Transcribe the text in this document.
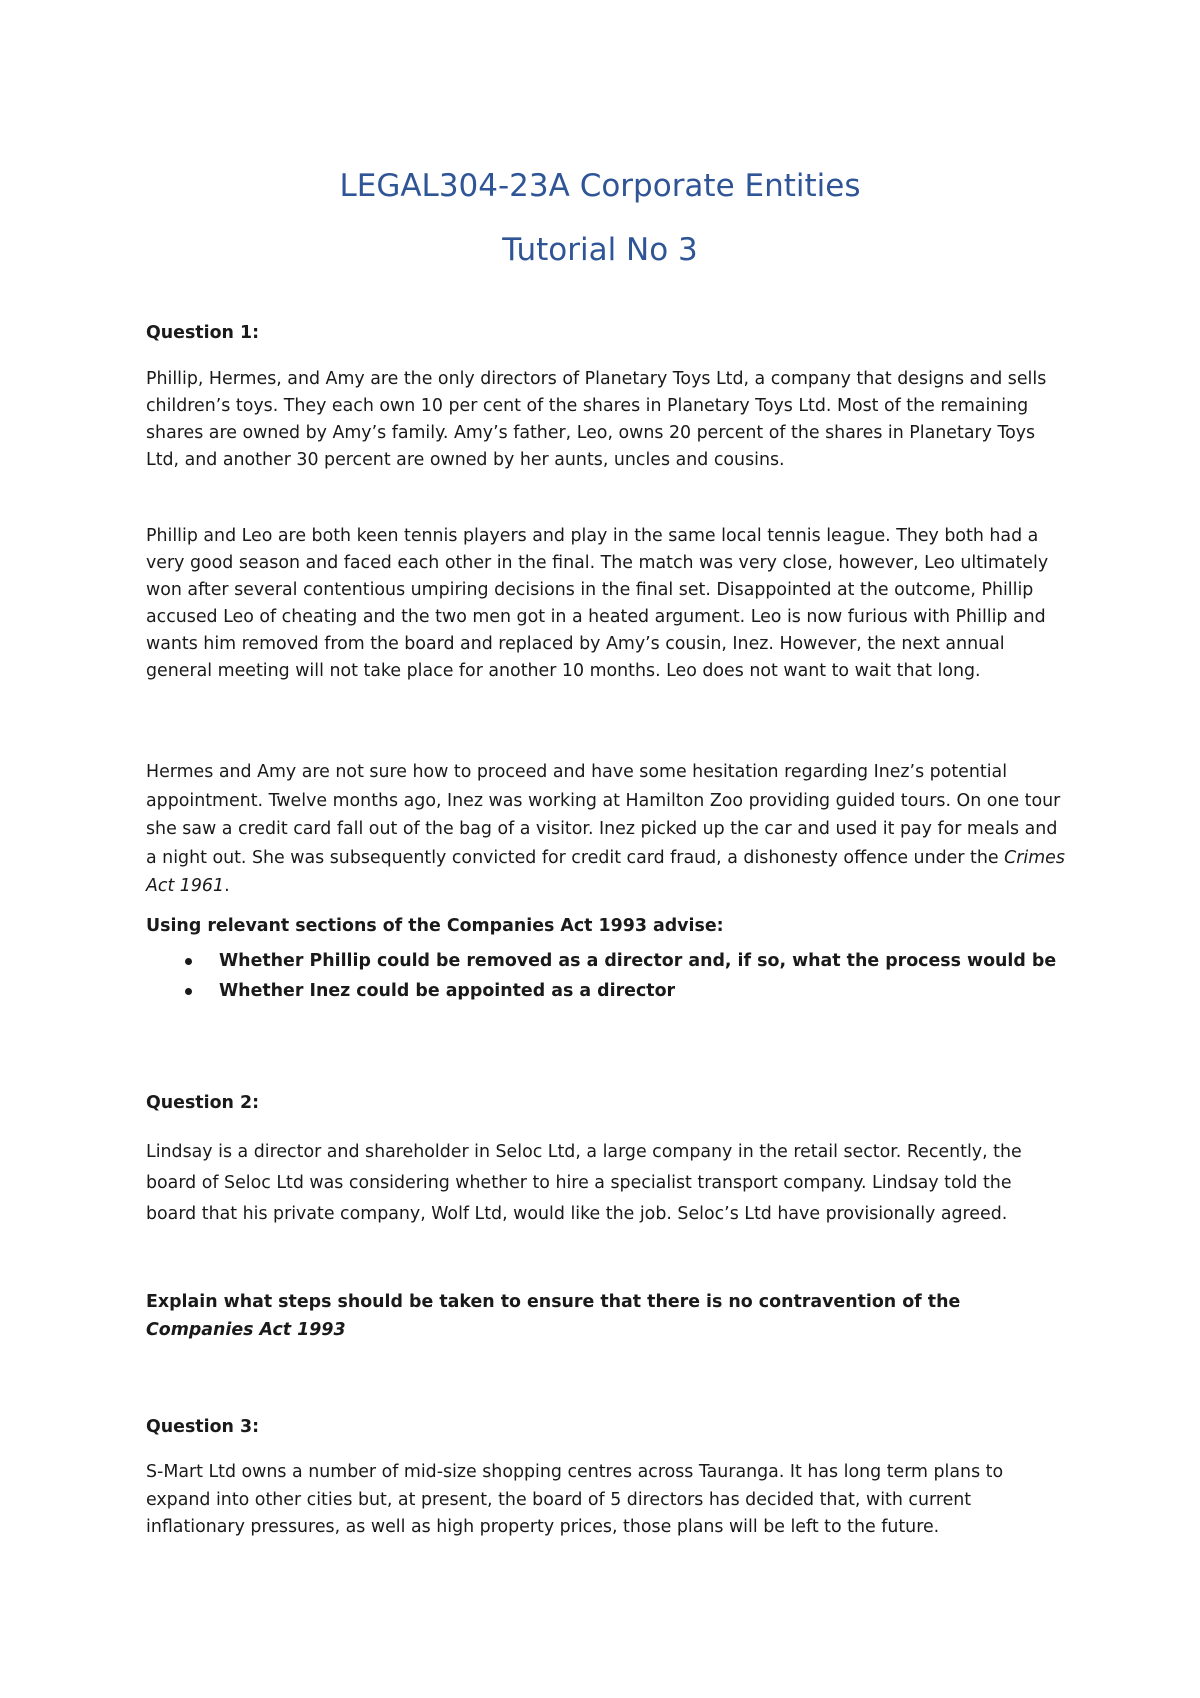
LEGAL304-23A Corporate Entities
Tutorial No 3

Question 1:

Phillip, Hermes, and Amy are the only directors of Planetary Toys Ltd, a company that designs and sells children’s toys. They each own 10 per cent of the shares in Planetary Toys Ltd. Most of the remaining shares are owned by Amy’s family. Amy’s father, Leo, owns 20 percent of the shares in Planetary Toys Ltd, and another 30 percent are owned by her aunts, uncles and cousins.

Phillip and Leo are both keen tennis players and play in the same local tennis league. They both had a very good season and faced each other in the final. The match was very close, however, Leo ultimately won after several contentious umpiring decisions in the final set. Disappointed at the outcome, Phillip accused Leo of cheating and the two men got in a heated argument. Leo is now furious with Phillip and wants him removed from the board and replaced by Amy’s cousin, Inez. However, the next annual general meeting will not take place for another 10 months. Leo does not want to wait that long.

Hermes and Amy are not sure how to proceed and have some hesitation regarding Inez’s potential appointment. Twelve months ago, Inez was working at Hamilton Zoo providing guided tours. On one tour she saw a credit card fall out of the bag of a visitor. Inez picked up the car and used it pay for meals and a night out. She was subsequently convicted for credit card fraud, a dishonesty offence under the Crimes Act 1961.

Using relevant sections of the Companies Act 1993 advise:

Whether Phillip could be removed as a director and, if so, what the process would be
Whether Inez could be appointed as a director

Question 2:

Lindsay is a director and shareholder in Seloc Ltd, a large company in the retail sector. Recently, the board of Seloc Ltd was considering whether to hire a specialist transport company. Lindsay told the board that his private company, Wolf Ltd, would like the job. Seloc’s Ltd have provisionally agreed.

Explain what steps should be taken to ensure that there is no contravention of the Companies Act 1993

Question 3:

S-Mart Ltd owns a number of mid-size shopping centres across Tauranga. It has long term plans to expand into other cities but, at present, the board of 5 directors has decided that, with current inflationary pressures, as well as high property prices, those plans will be left to the future.
